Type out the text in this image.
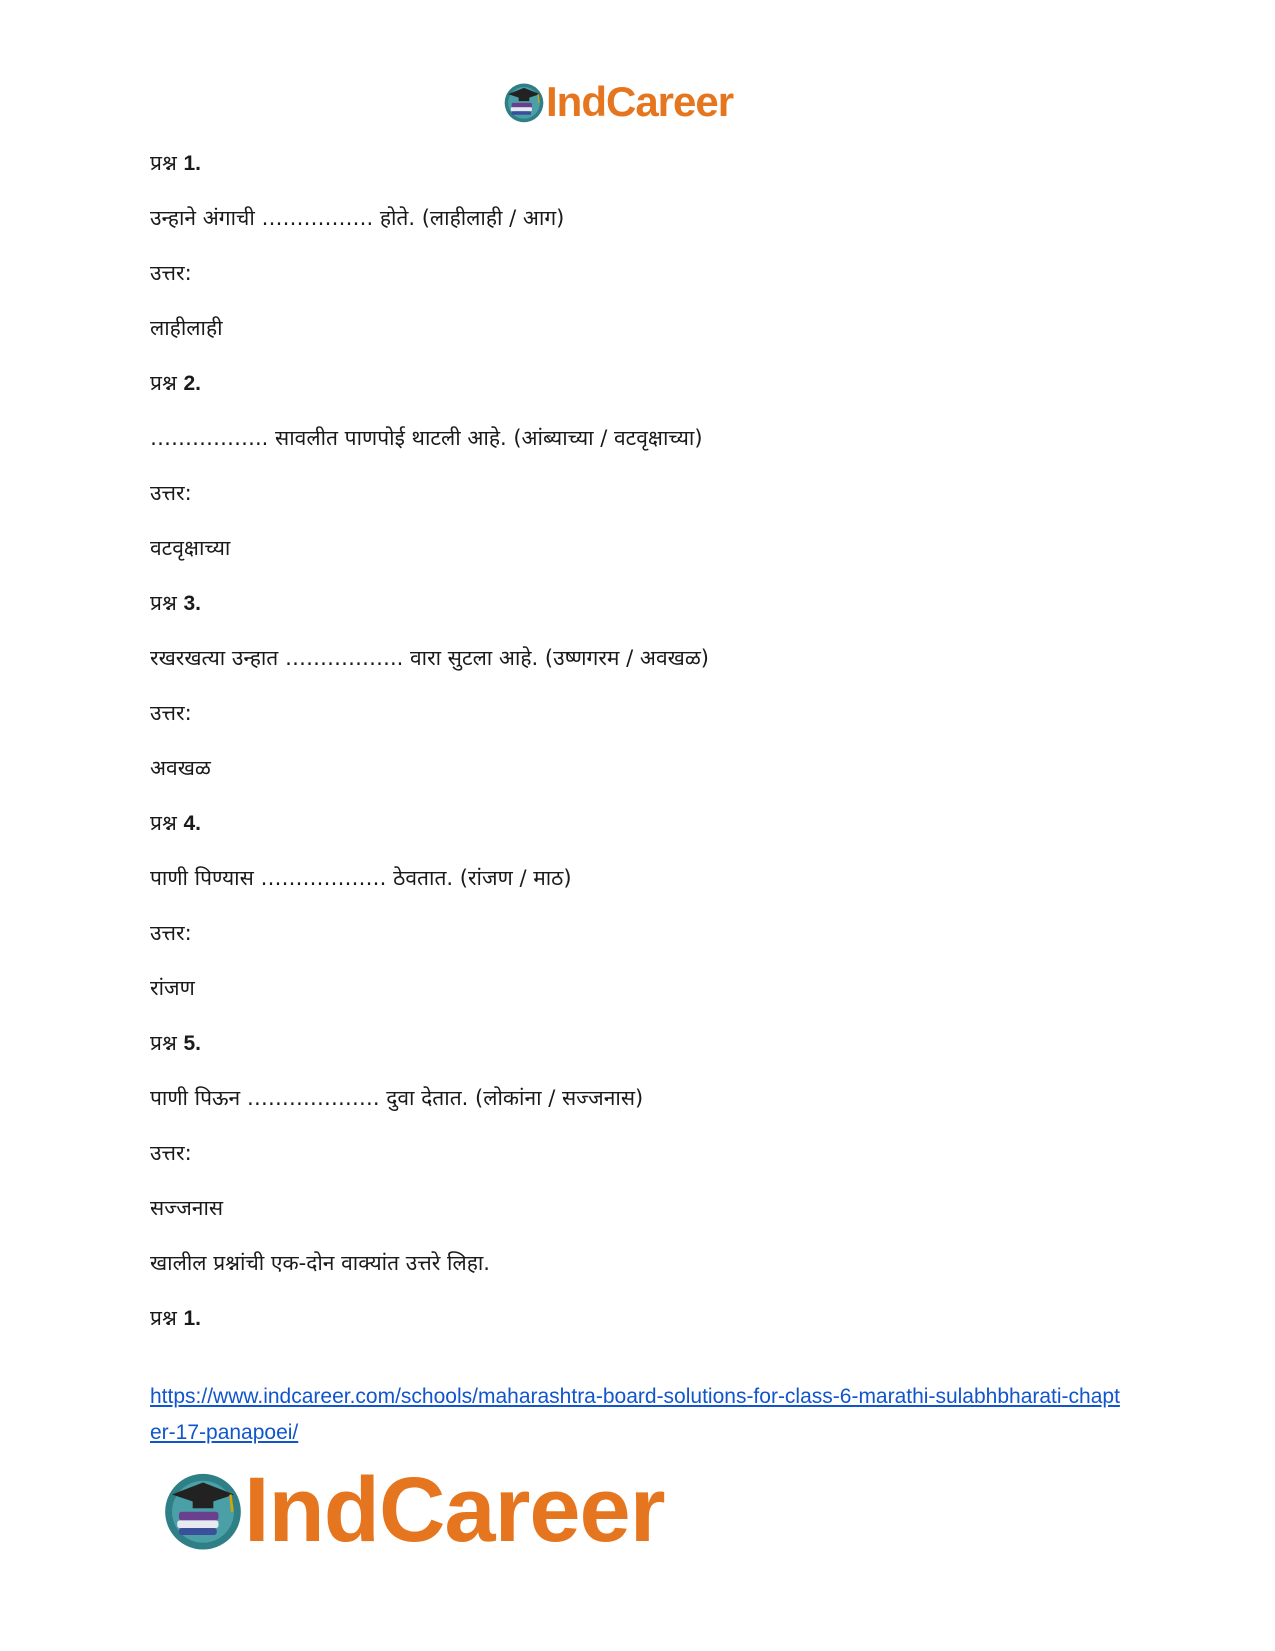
IndCareer
प्रश्न 1.
उन्हाने अंगाची ……………. होते. (लाहीलाही / आग)
उत्तर:
लाहीलाही
प्रश्न 2.
…………….. सावलीत पाणपोई थाटली आहे. (आंब्याच्या / वटवृक्षाच्या)
उत्तर:
वटवृक्षाच्या
प्रश्न 3.
रखरखत्या उन्हात …………….. वारा सुटला आहे. (उष्णगरम / अवखळ)
उत्तर:
अवखळ
प्रश्न 4.
पाणी पिण्यास ……………… ठेवतात. (रांजण / माठ)
उत्तर:
रांजण
प्रश्न 5.
पाणी पिऊन ………………. दुवा देतात. (लोकांना / सज्जनास)
उत्तर:
सज्जनास
खालील प्रश्नांची एक-दोन वाक्यांत उत्तरे लिहा.
प्रश्न 1.
https://www.indcareer.com/schools/maharashtra-board-solutions-for-class-6-marathi-sulabhbharati-chapter-17-panapoei/
IndCareer
